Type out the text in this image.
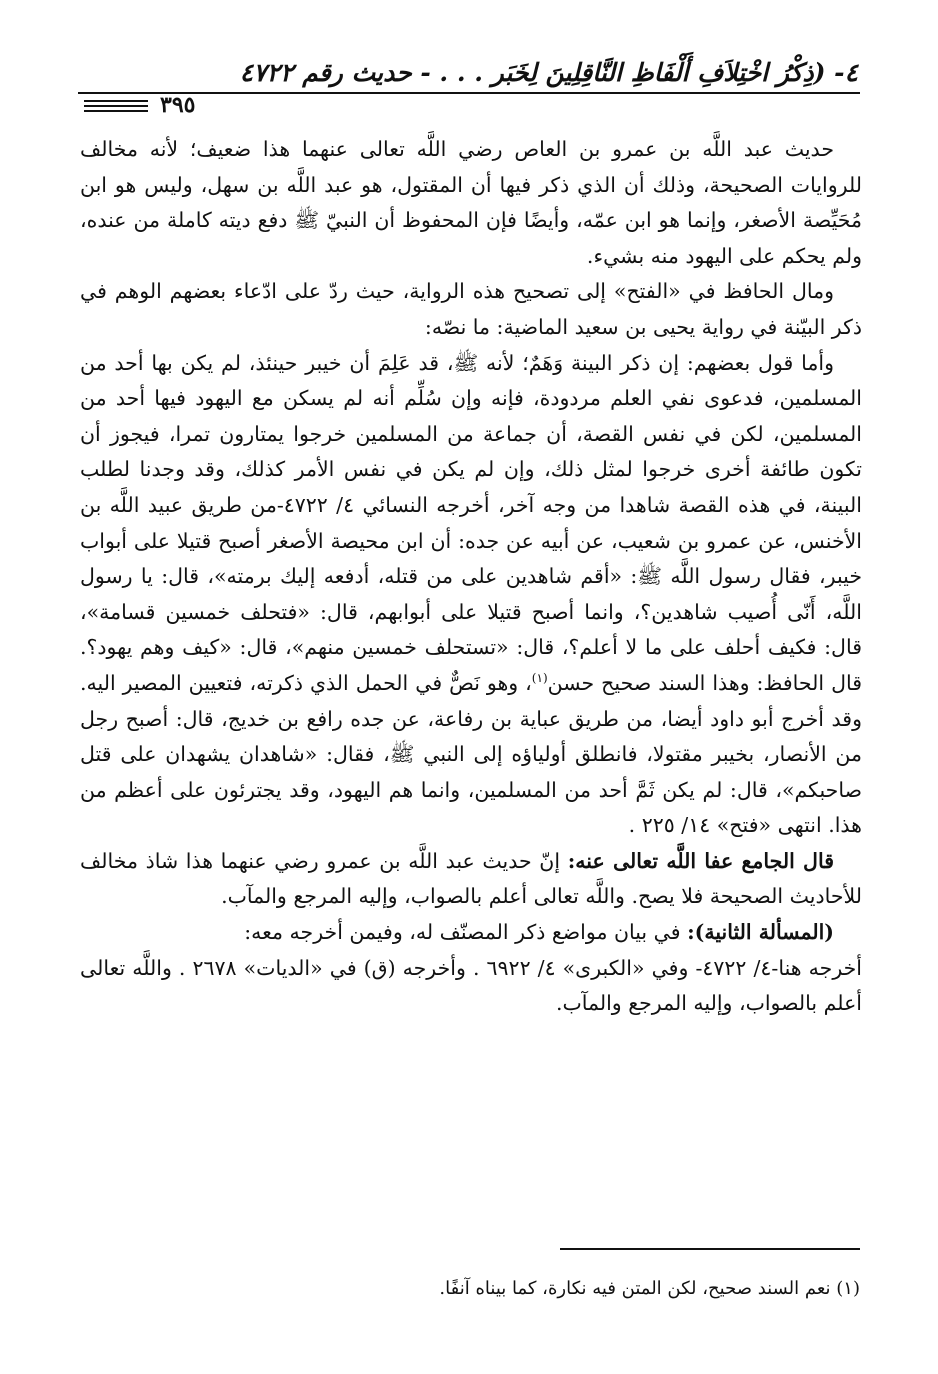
٤- (ذِكْرُ اخْتِلاَفِ أَلْفَاظِ النَّاقِلِينَ لِخَبَر . . . - حديث رقم ٤٧٢٢
٣٩٥

حديث عبد اللَّه بن عمرو بن العاص رضي اللَّه تعالى عنهما هذا ضعيف؛ لأنه مخالف للروايات الصحيحة، وذلك أن الذي ذكر فيها أن المقتول، هو عبد اللَّه بن سهل، وليس هو ابن مُحَيِّصة الأصغر، وإنما هو ابن عمّه، وأيضًا فإن المحفوظ أن النبيّ ﷺ دفع ديته كاملة من عنده، ولم يحكم على اليهود منه بشيء.

ومال الحافظ في «الفتح» إلى تصحيح هذه الرواية، حيث ردّ على ادّعاء بعضهم الوهم في ذكر البيّنة في رواية يحيى بن سعيد الماضية: ما نصّه:

وأما قول بعضهم: إن ذكر البينة وَهَمٌ؛ لأنه ﷺ، قد عَلِمَ أن خيبر حينئذ، لم يكن بها أحد من المسلمين، فدعوى نفي العلم مردودة، فإنه وإن سُلِّم أنه لم يسكن مع اليهود فيها أحد من المسلمين، لكن في نفس القصة، أن جماعة من المسلمين خرجوا يمتارون تمرا، فيجوز أن تكون طائفة أخرى خرجوا لمثل ذلك، وإن لم يكن في نفس الأمر كذلك، وقد وجدنا لطلب البينة، في هذه القصة شاهدا من وجه آخر، أخرجه النسائي ٤/ ٤٧٢٢-من طريق عبيد اللَّه بن الأخنس، عن عمرو بن شعيب، عن أبيه عن جده: أن ابن محيصة الأصغر أصبح قتيلا على أبواب خيبر، فقال رسول اللَّه ﷺ: «أقم شاهدين على من قتله، أدفعه إليك برمته»، قال: يا رسول اللَّه، أَنّى أُصيب شاهدين؟، وانما أصبح قتيلا على أبوابهم، قال: «فتحلف خمسين قسامة»، قال: فكيف أحلف على ما لا أعلم؟، قال: «تستحلف خمسين منهم»، قال: «كيف وهم يهود؟. قال الحافظ: وهذا السند صحيح حسن$^{(١)}$، وهو نَصٌّ في الحمل الذي ذكرته، فتعيين المصير اليه. وقد أخرج أبو داود أيضا، من طريق عباية بن رفاعة، عن جده رافع بن خديج، قال: أصبح رجل من الأنصار، بخيبر مقتولا، فانطلق أولياؤه إلى النبي ﷺ، فقال: «شاهدان يشهدان على قتل صاحبكم»، قال: لم يكن ثَمَّ أحد من المسلمين، وانما هم اليهود، وقد يجترئون على أعظم من هذا. انتهى «فتح» ١٤/ ٢٢٥ .

قال الجامع عفا اللَّه تعالى عنه: إنّ حديث عبد اللَّه بن عمرو رضي عنهما هذا شاذ مخالف للأحاديث الصحيحة فلا يصح. واللَّه تعالى أعلم بالصواب، وإليه المرجع والمآب.

(المسألة الثانية): في بيان مواضع ذكر المصنّف له، وفيمن أخرجه معه:

أخرجه هنا-٤/ ٤٧٢٢- وفي «الكبرى» ٤/ ٦٩٢٢ . وأخرجه (ق) في «الديات» ٢٦٧٨ . واللَّه تعالى أعلم بالصواب، وإليه المرجع والمآب.

(١) نعم السند صحيح، لكن المتن فيه نكارة، كما بيناه آنفًا.
